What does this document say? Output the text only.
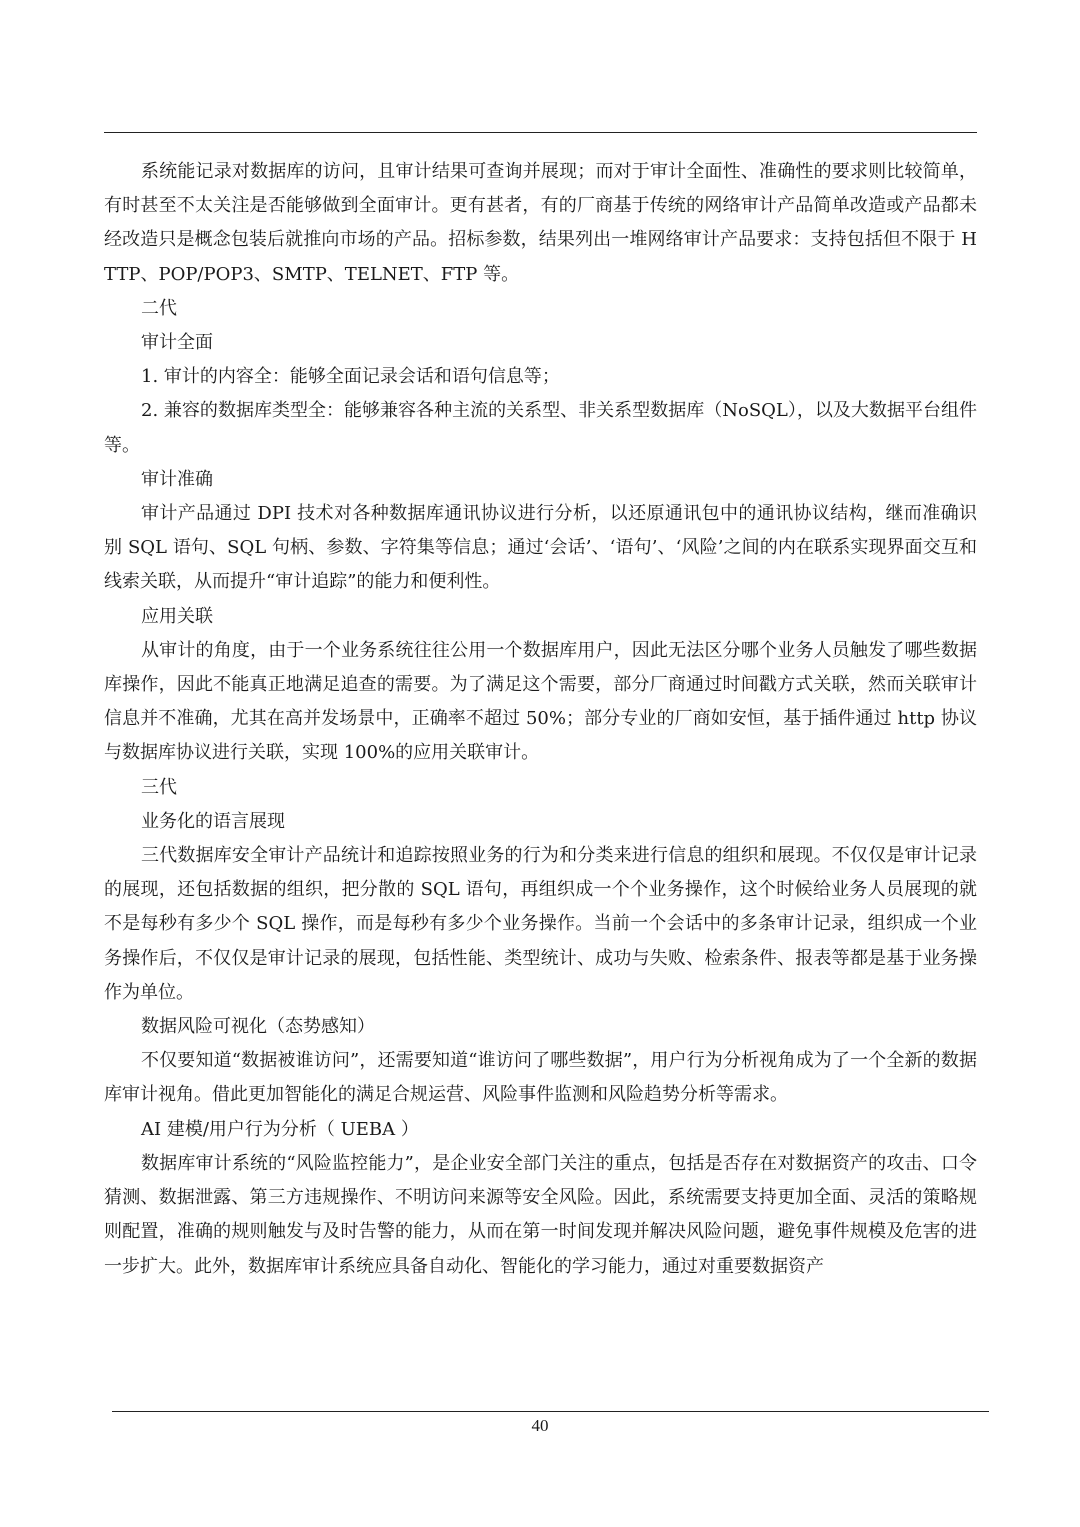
系统能记录对数据库的访问，且审计结果可查询并展现；而对于审计全面性、准确性的要求则比较简单，有时甚至不太关注是否能够做到全面审计。更有甚者，有的厂商基于传统的网络审计产品简单改造或产品都未经改造只是概念包装后就推向市场的产品。招标参数，结果列出一堆网络审计产品要求：支持包括但不限于 HTTP、POP/POP3、SMTP、TELNET、FTP 等。

二代

审计全面

1. 审计的内容全：能够全面记录会话和语句信息等；

2. 兼容的数据库类型全：能够兼容各种主流的关系型、非关系型数据库（NoSQL），以及大数据平台组件等。

审计准确

审计产品通过 DPI 技术对各种数据库通讯协议进行分析，以还原通讯包中的通讯协议结构，继而准确识别 SQL 语句、SQL 句柄、参数、字符集等信息；通过‘会话’、‘语句’、‘风险’之间的内在联系实现界面交互和线索关联，从而提升“审计追踪”的能力和便利性。

应用关联

从审计的角度，由于一个业务系统往往公用一个数据库用户，因此无法区分哪个业务人员触发了哪些数据库操作，因此不能真正地满足追查的需要。为了满足这个需要，部分厂商通过时间戳方式关联，然而关联审计信息并不准确，尤其在高并发场景中，正确率不超过 50%；部分专业的厂商如安恒，基于插件通过 http 协议与数据库协议进行关联，实现 100%的应用关联审计。

三代

业务化的语言展现

三代数据库安全审计产品统计和追踪按照业务的行为和分类来进行信息的组织和展现。不仅仅是审计记录的展现，还包括数据的组织，把分散的 SQL 语句，再组织成一个个业务操作，这个时候给业务人员展现的就不是每秒有多少个 SQL 操作，而是每秒有多少个业务操作。当前一个会话中的多条审计记录，组织成一个业务操作后，不仅仅是审计记录的展现，包括性能、类型统计、成功与失败、检索条件、报表等都是基于业务操作为单位。

数据风险可视化（态势感知）

不仅要知道“数据被谁访问”，还需要知道“谁访问了哪些数据”，用户行为分析视角成为了一个全新的数据库审计视角。借此更加智能化的满足合规运营、风险事件监测和风险趋势分析等需求。

AI 建模/用户行为分析（ UEBA ）

数据库审计系统的“风险监控能力”，是企业安全部门关注的重点，包括是否存在对数据资产的攻击、口令猜测、数据泄露、第三方违规操作、不明访问来源等安全风险。因此，系统需要支持更加全面、灵活的策略规则配置，准确的规则触发与及时告警的能力，从而在第一时间发现并解决风险问题，避免事件规模及危害的进一步扩大。此外，数据库审计系统应具备自动化、智能化的学习能力，通过对重要数据资产

40
